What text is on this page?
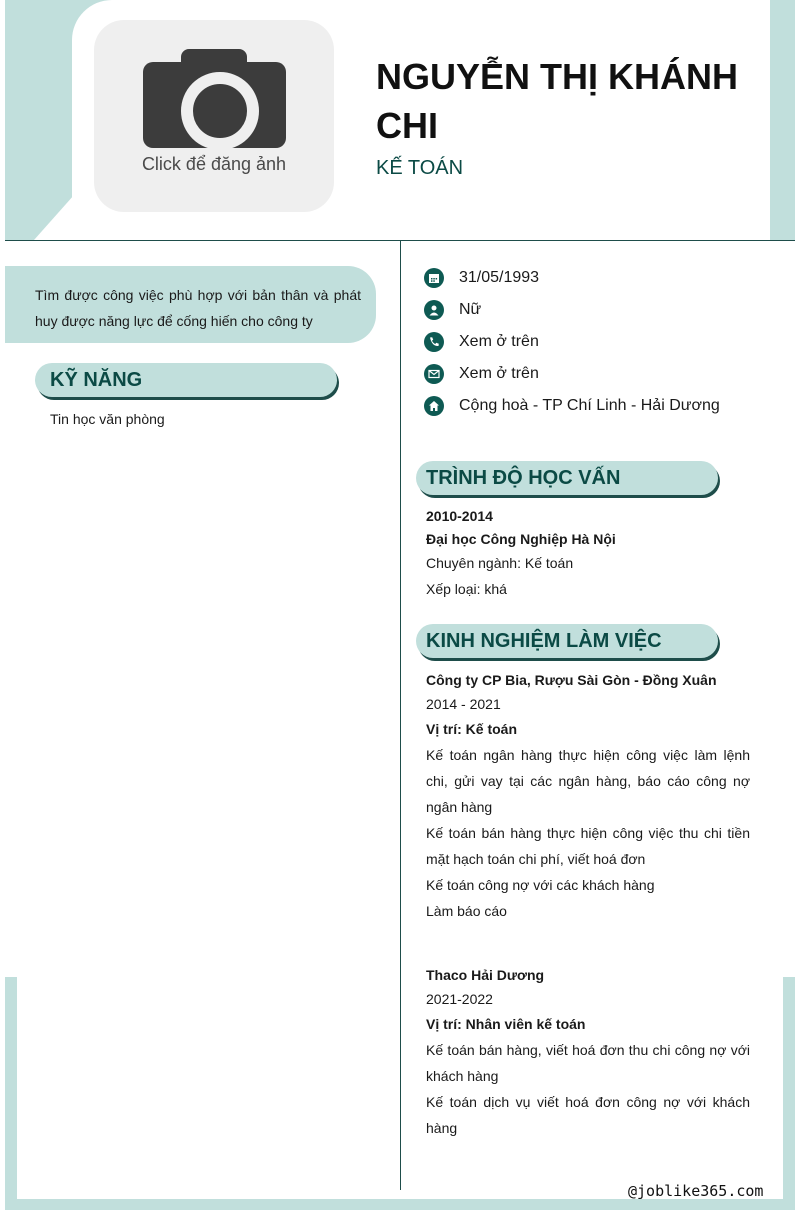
Click để đăng ảnh
NGUYỄN THỊ KHÁNH CHI
KẾ TOÁN
Tìm được công việc phù hợp với bản thân và phát huy được năng lực để cống hiến cho công ty
KỸ NĂNG
Tin học văn phòng
31/05/1993
Nữ
Xem ở trên
Xem ở trên
Cộng hoà - TP Chí Linh - Hải Dương
TRÌNH ĐỘ HỌC VẤN
2010-2014
Đại học Công Nghiệp Hà Nội
Chuyên ngành: Kế toán
Xếp loại: khá
KINH NGHIỆM LÀM VIỆC
Công ty CP Bia, Rượu Sài Gòn - Đồng Xuân
2014 - 2021
Vị trí: Kế toán
Kế toán ngân hàng thực hiện công việc làm lệnh chi, gửi vay tại các ngân hàng, báo cáo công nợ ngân hàng
Kế toán bán hàng thực hiện công việc thu chi tiền mặt hạch toán chi phí, viết hoá đơn
Kế toán công nợ với các khách hàng
Làm báo cáo
Thaco Hải Dương
2021-2022
Vị trí: Nhân viên kế toán
Kế toán bán hàng, viết hoá đơn thu chi công nợ với khách hàng
Kế toán dịch vụ viết hoá đơn công nợ với khách hàng
@joblike365.com
